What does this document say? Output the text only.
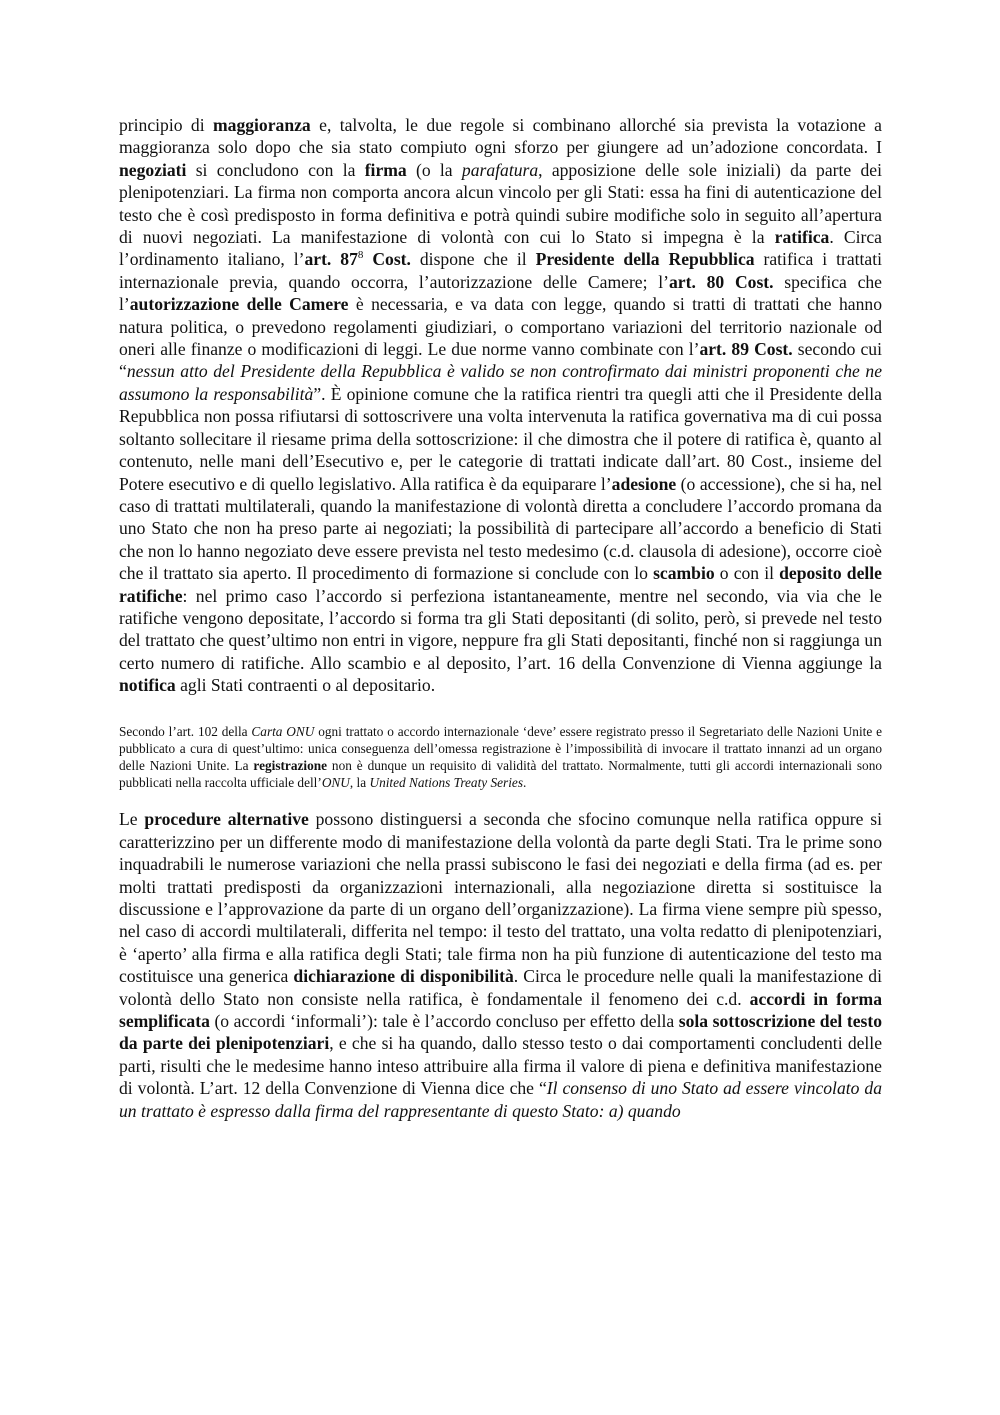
principio di maggioranza e, talvolta, le due regole si combinano allorché sia prevista la votazione a maggioranza solo dopo che sia stato compiuto ogni sforzo per giungere ad un’adozione concordata. I negoziati si concludono con la firma (o la parafatura, apposizione delle sole iniziali) da parte dei plenipotenziari. La firma non comporta ancora alcun vincolo per gli Stati: essa ha fini di autenticazione del testo che è così predisposto in forma definitiva e potrà quindi subire modifiche solo in seguito all’apertura di nuovi negoziati. La manifestazione di volontà con cui lo Stato si impegna è la ratifica. Circa l’ordinamento italiano, l’art. $87^8$ Cost. dispone che il Presidente della Repubblica ratifica i trattati internazionale previa, quando occorra, l’autorizzazione delle Camere; l’art. 80 Cost. specifica che l’autorizzazione delle Camere è necessaria, e va data con legge, quando si tratti di trattati che hanno natura politica, o prevedono regolamenti giudiziari, o comportano variazioni del territorio nazionale od oneri alle finanze o modificazioni di leggi. Le due norme vanno combinate con l’art. 89 Cost. secondo cui “nessun atto del Presidente della Repubblica è valido se non controfirmato dai ministri proponenti che ne assumono la responsabilità”. È opinione comune che la ratifica rientri tra quegli atti che il Presidente della Repubblica non possa rifiutarsi di sottoscrivere una volta intervenuta la ratifica governativa ma di cui possa soltanto sollecitare il riesame prima della sottoscrizione: il che dimostra che il potere di ratifica è, quanto al contenuto, nelle mani dell’Esecutivo e, per le categorie di trattati indicate dall’art. 80 Cost., insieme del Potere esecutivo e di quello legislativo. Alla ratifica è da equiparare l’adesione (o accessione), che si ha, nel caso di trattati multilaterali, quando la manifestazione di volontà diretta a concludere l’accordo promana da uno Stato che non ha preso parte ai negoziati; la possibilità di partecipare all’accordo a beneficio di Stati che non lo hanno negoziato deve essere prevista nel testo medesimo (c.d. clausola di adesione), occorre cioè che il trattato sia aperto. Il procedimento di formazione si conclude con lo scambio o con il deposito delle ratifiche: nel primo caso l’accordo si perfeziona istantaneamente, mentre nel secondo, via via che le ratifiche vengono depositate, l’accordo si forma tra gli Stati depositanti (di solito, però, si prevede nel testo del trattato che quest’ultimo non entri in vigore, neppure fra gli Stati depositanti, finché non si raggiunga un certo numero di ratifiche. Allo scambio e al deposito, l’art. 16 della Convenzione di Vienna aggiunge la notifica agli Stati contraenti o al depositario.

Secondo l’art. 102 della Carta ONU ogni trattato o accordo internazionale ‘deve’ essere registrato presso il Segretariato delle Nazioni Unite e pubblicato a cura di quest’ultimo: unica conseguenza dell’omessa registrazione è l’impossibilità di invocare il trattato innanzi ad un organo delle Nazioni Unite. La registrazione non è dunque un requisito di validità del trattato. Normalmente, tutti gli accordi internazionali sono pubblicati nella raccolta ufficiale dell’ONU, la United Nations Treaty Series.

Le procedure alternative possono distinguersi a seconda che sfocino comunque nella ratifica oppure si caratterizzino per un differente modo di manifestazione della volontà da parte degli Stati. Tra le prime sono inquadrabili le numerose variazioni che nella prassi subiscono le fasi dei negoziati e della firma (ad es. per molti trattati predisposti da organizzazioni internazionali, alla negoziazione diretta si sostituisce la discussione e l’approvazione da parte di un organo dell’organizzazione). La firma viene sempre più spesso, nel caso di accordi multilaterali, differita nel tempo: il testo del trattato, una volta redatto di plenipotenziari, è ‘aperto’ alla firma e alla ratifica degli Stati; tale firma non ha più funzione di autenticazione del testo ma costituisce una generica dichiarazione di disponibilità. Circa le procedure nelle quali la manifestazione di volontà dello Stato non consiste nella ratifica, è fondamentale il fenomeno dei c.d. accordi in forma semplificata (o accordi ‘informali’): tale è l’accordo concluso per effetto della sola sottoscrizione del testo da parte dei plenipotenziari, e che si ha quando, dallo stesso testo o dai comportamenti concludenti delle parti, risulti che le medesime hanno inteso attribuire alla firma il valore di piena e definitiva manifestazione di volontà. L’art. 12 della Convenzione di Vienna dice che “Il consenso di uno Stato ad essere vincolato da un trattato è espresso dalla firma del rappresentante di questo Stato: a) quando
